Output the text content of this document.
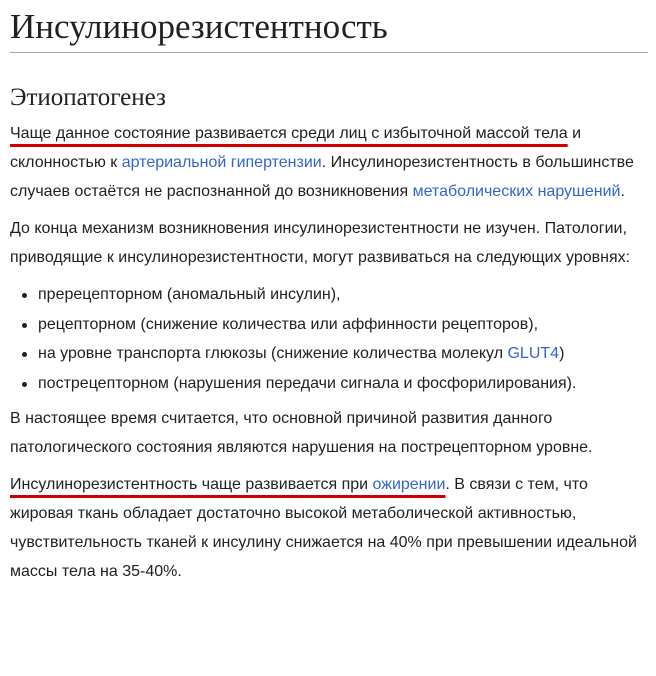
Инсулинорезистентность
Этиопатогенез

Чаще данное состояние развивается среди лиц с избыточной массой тела и склонностью к артериальной гипертензии. Инсулинорезистентность в большинстве случаев остаётся не распознанной до возникновения метаболических нарушений.

До конца механизм возникновения инсулинорезистентности не изучен. Патологии, приводящие к инсулинорезистентности, могут развиваться на следующих уровнях:

пререцепторном (аномальный инсулин),
рецепторном (снижение количества или аффинности рецепторов),
на уровне транспорта глюкозы (снижение количества молекул GLUT4)
пострецепторном (нарушения передачи сигнала и фосфорилирования).

В настоящее время считается, что основной причиной развития данного патологического состояния являются нарушения на пострецепторном уровне.

Инсулинорезистентность чаще развивается при ожирении. В связи с тем, что жировая ткань обладает достаточно высокой метаболической активностью, чувствительность тканей к инсулину снижается на 40% при превышении идеальной массы тела на 35-40%.
